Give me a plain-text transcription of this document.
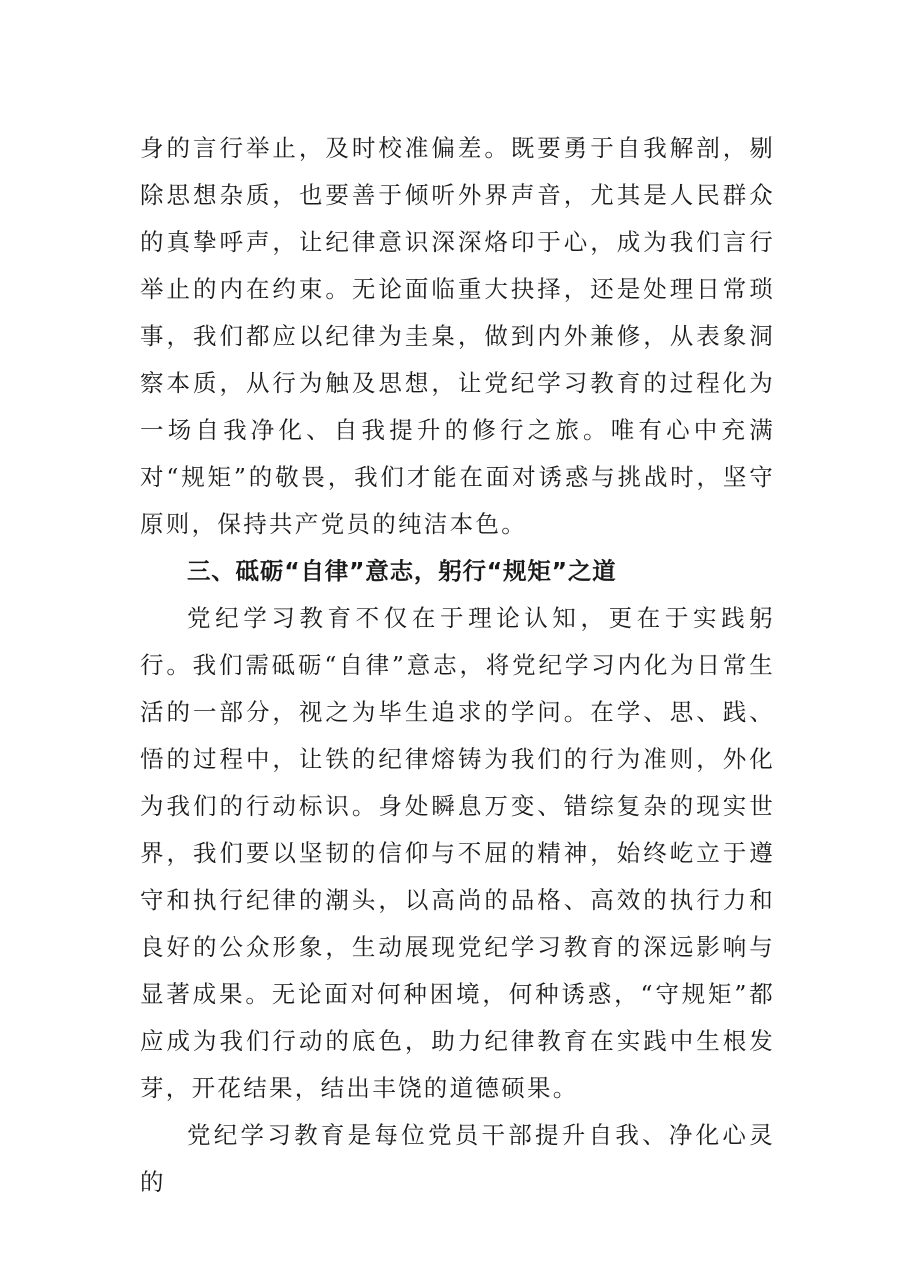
身的言行举止，及时校准偏差。既要勇于自我解剖，剔除思想杂质，也要善于倾听外界声音，尤其是人民群众的真挚呼声，让纪律意识深深烙印于心，成为我们言行举止的内在约束。无论面临重大抉择，还是处理日常琐事，我们都应以纪律为圭臬，做到内外兼修，从表象洞察本质，从行为触及思想，让党纪学习教育的过程化为一场自我净化、自我提升的修行之旅。唯有心中充满对“规矩”的敬畏，我们才能在面对诱惑与挑战时，坚守原则，保持共产党员的纯洁本色。

三、砥砺“自律”意志，躬行“规矩”之道

党纪学习教育不仅在于理论认知，更在于实践躬行。我们需砥砺“自律”意志，将党纪学习内化为日常生活的一部分，视之为毕生追求的学问。在学、思、践、悟的过程中，让铁的纪律熔铸为我们的行为准则，外化为我们的行动标识。身处瞬息万变、错综复杂的现实世界，我们要以坚韧的信仰与不屈的精神，始终屹立于遵守和执行纪律的潮头，以高尚的品格、高效的执行力和良好的公众形象，生动展现党纪学习教育的深远影响与显著成果。无论面对何种困境，何种诱惑，“守规矩”都应成为我们行动的底色，助力纪律教育在实践中生根发芽，开花结果，结出丰饶的道德硕果。

党纪学习教育是每位党员干部提升自我、净化心灵的
